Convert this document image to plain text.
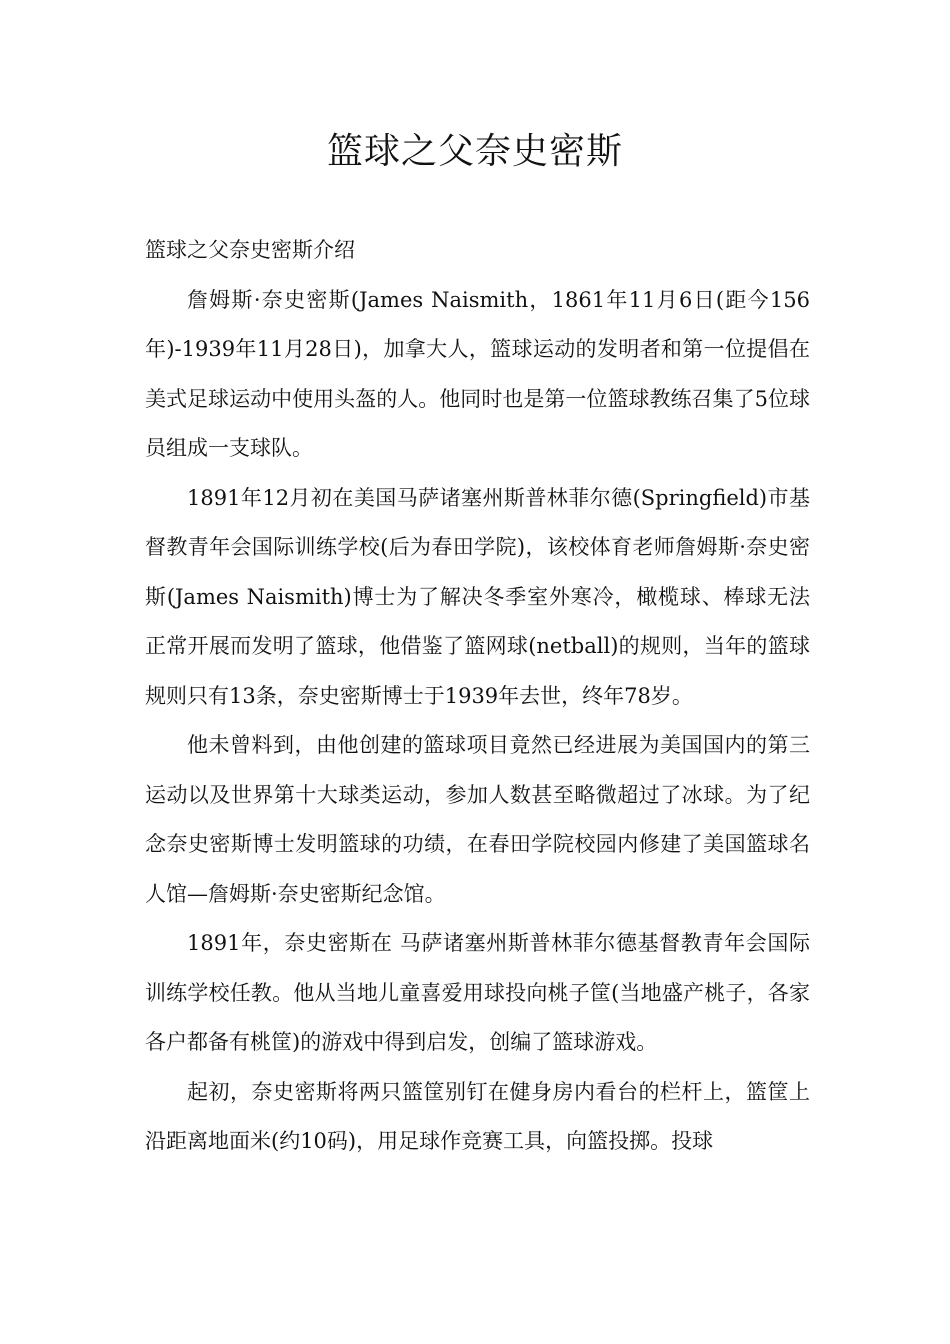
篮球之父奈史密斯
篮球之父奈史密斯介绍

詹姆斯·奈史密斯(James Naismith，1861年11月6日(距今156年)-1939年11月28日)，加拿大人，篮球运动的发明者和第一位提倡在美式足球运动中使用头盔的人。他同时也是第一位篮球教练召集了5位球员组成一支球队。

1891年12月初在美国马萨诸塞州斯普林菲尔德(Springfield)市基督教青年会国际训练学校(后为春田学院)，该校体育老师詹姆斯·奈史密斯(James Naismith)博士为了解决冬季室外寒冷，橄榄球、棒球无法正常开展而发明了篮球，他借鉴了篮网球(netball)的规则，当年的篮球规则只有13条，奈史密斯博士于1939年去世，终年78岁。

他未曾料到，由他创建的篮球项目竟然已经进展为美国国内的第三运动以及世界第十大球类运动，参加人数甚至略微超过了冰球。为了纪念奈史密斯博士发明篮球的功绩，在春田学院校园内修建了美国篮球名人馆—詹姆斯·奈史密斯纪念馆。

1891年，奈史密斯在 马萨诸塞州斯普林菲尔德基督教青年会国际训练学校任教。他从当地儿童喜爱用球投向桃子筐(当地盛产桃子，各家各户都备有桃筐)的游戏中得到启发，创编了篮球游戏。

起初，奈史密斯将两只篮筐别钉在健身房内看台的栏杆上，篮筐上沿距离地面米(约10码)，用足球作竞赛工具，向篮投掷。投球
